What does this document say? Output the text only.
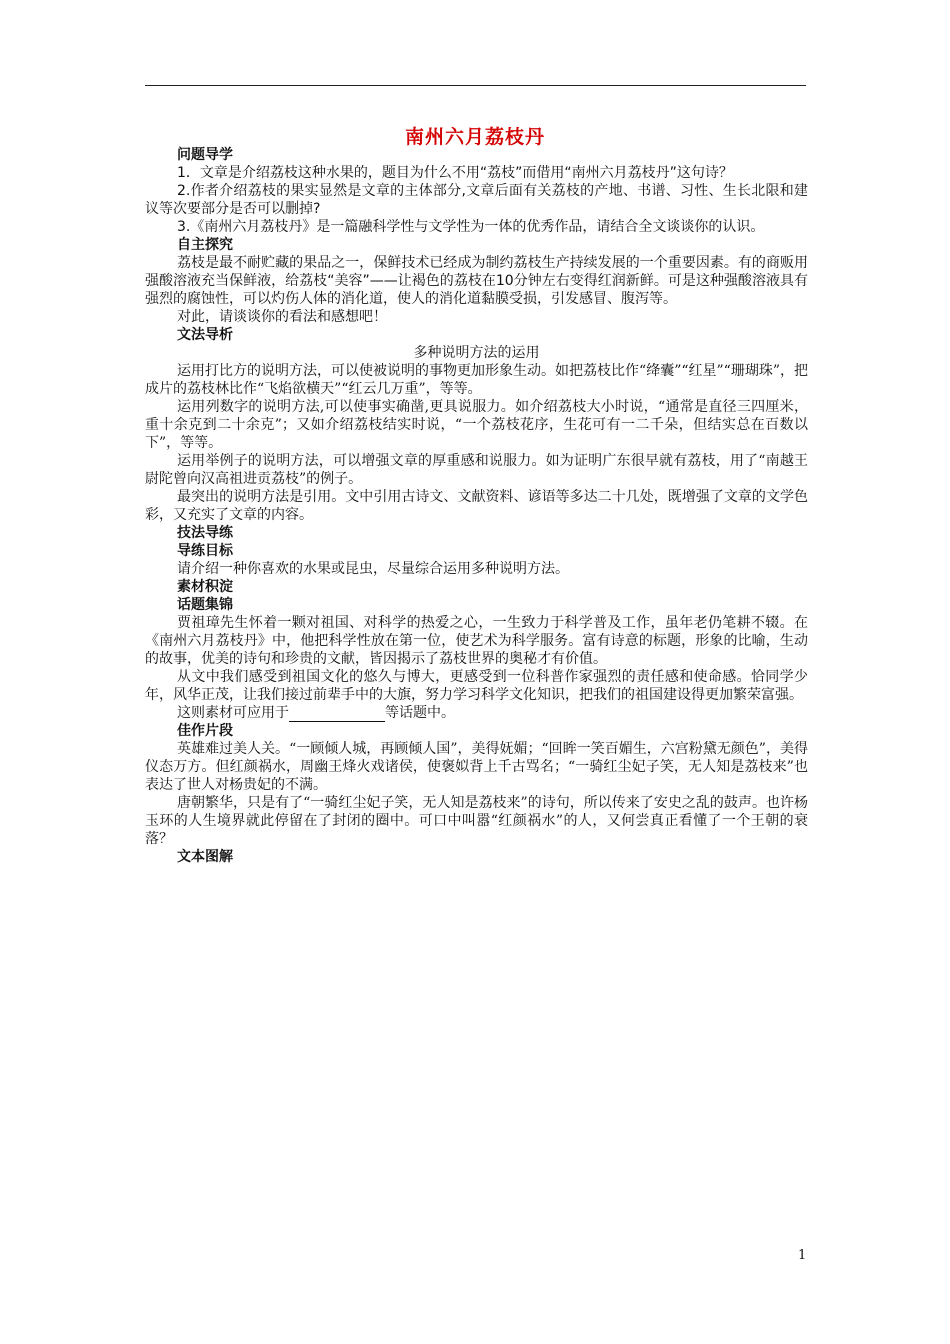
南州六月荔枝丹
问题导学

1．文章是介绍荔枝这种水果的，题目为什么不用“荔枝”而借用“南州六月荔枝丹”这句诗？

2.作者介绍荔枝的果实显然是文章的主体部分,文章后面有关荔枝的产地、书谱、习性、生长北限和建议等次要部分是否可以删掉?

3.《南州六月荔枝丹》是一篇融科学性与文学性为一体的优秀作品，请结合全文谈谈你的认识。

自主探究

荔枝是最不耐贮藏的果品之一，保鲜技术已经成为制约荔枝生产持续发展的一个重要因素。有的商贩用强酸溶液充当保鲜液，给荔枝“美容”——让褐色的荔枝在10分钟左右变得红润新鲜。可是这种强酸溶液具有强烈的腐蚀性，可以灼伤人体的消化道，使人的消化道黏膜受损，引发感冒、腹泻等。

对此，请谈谈你的看法和感想吧！

文法导析

多种说明方法的运用

运用打比方的说明方法，可以使被说明的事物更加形象生动。如把荔枝比作“绛囊”“红星”“珊瑚珠”，把成片的荔枝林比作“飞焰欲横天”“红云几万重”，等等。

运用列数字的说明方法,可以使事实确凿,更具说服力。如介绍荔枝大小时说，“通常是直径三四厘米，重十余克到二十余克”；又如介绍荔枝结实时说，“一个荔枝花序，生花可有一二千朵，但结实总在百数以下”，等等。

运用举例子的说明方法，可以增强文章的厚重感和说服力。如为证明广东很早就有荔枝，用了“南越王尉陀曾向汉高祖进贡荔枝”的例子。

最突出的说明方法是引用。文中引用古诗文、文献资料、谚语等多达二十几处，既增强了文章的文学色彩，又充实了文章的内容。

技法导练
导练目标

请介绍一种你喜欢的水果或昆虫，尽量综合运用多种说明方法。

素材积淀
话题集锦

贾祖璋先生怀着一颗对祖国、对科学的热爱之心，一生致力于科学普及工作，虽年老仍笔耕不辍。在《南州六月荔枝丹》中，他把科学性放在第一位，使艺术为科学服务。富有诗意的标题，形象的比喻，生动的故事，优美的诗句和珍贵的文献，皆因揭示了荔枝世界的奥秘才有价值。

从文中我们感受到祖国文化的悠久与博大，更感受到一位科普作家强烈的责任感和使命感。恰同学少年，风华正茂，让我们接过前辈手中的大旗，努力学习科学文化知识，把我们的祖国建设得更加繁荣富强。

这则素材可应用于	等话题中。

佳作片段

英雄难过美人关。“一顾倾人城，再顾倾人国”，美得妩媚；“回眸一笑百媚生，六宫粉黛无颜色”，美得仪态万方。但红颜祸水，周幽王烽火戏诸侯，使褒姒背上千古骂名；“一骑红尘妃子笑，无人知是荔枝来”也表达了世人对杨贵妃的不满。

唐朝繁华，只是有了“一骑红尘妃子笑，无人知是荔枝来”的诗句，所以传来了安史之乱的鼓声。也许杨玉环的人生境界就此停留在了封闭的圈中。可口中叫嚣“红颜祸水”的人，又何尝真正看懂了一个王朝的衰落？

文本图解
1
